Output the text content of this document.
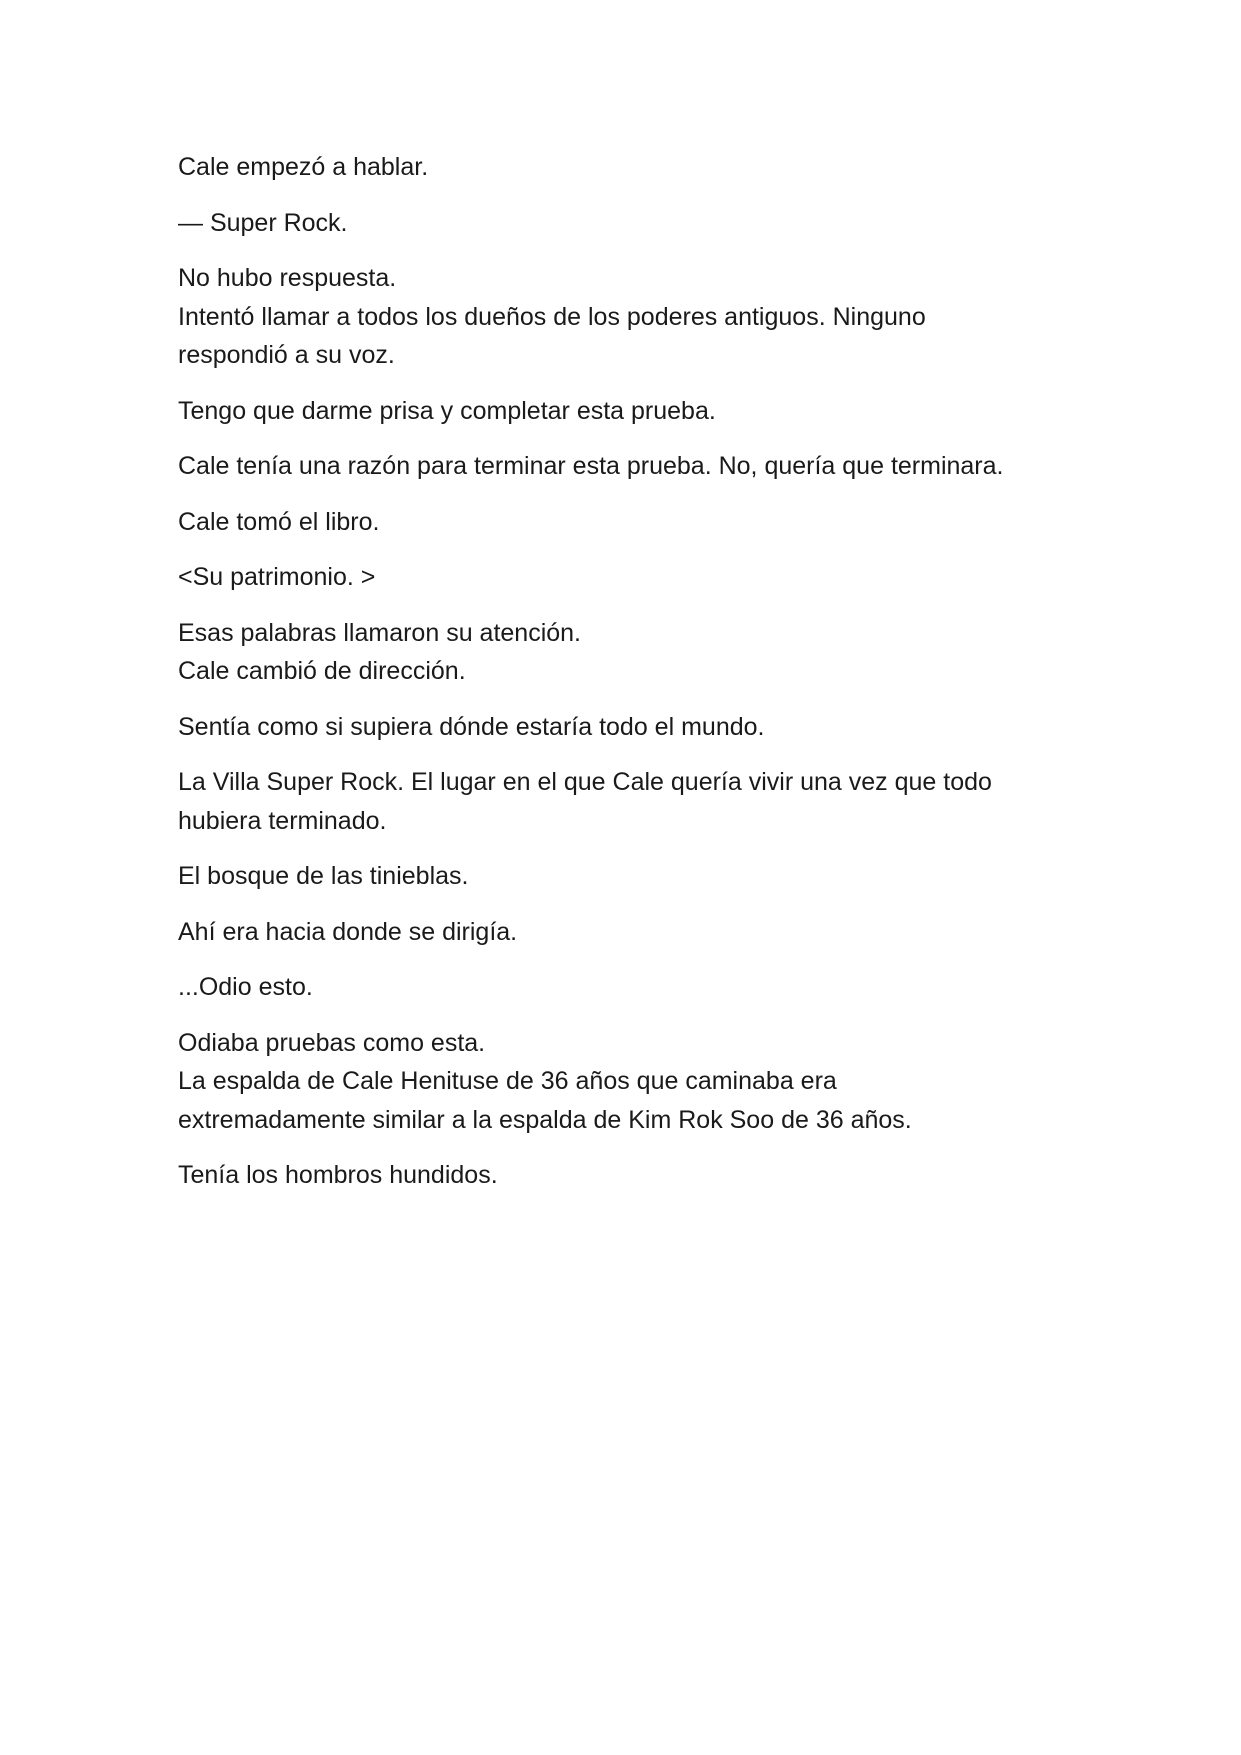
Cale empezó a hablar.

— Super Rock.

No hubo respuesta.
Intentó llamar a todos los dueños de los poderes antiguos. Ninguno
respondió a su voz.

Tengo que darme prisa y completar esta prueba.

Cale tenía una razón para terminar esta prueba. No, quería que terminara.

Cale tomó el libro.

<Su patrimonio. >

Esas palabras llamaron su atención.
Cale cambió de dirección.

Sentía como si supiera dónde estaría todo el mundo.

La Villa Super Rock. El lugar en el que Cale quería vivir una vez que todo
hubiera terminado.

El bosque de las tinieblas.

Ahí era hacia donde se dirigía.

...Odio esto.

Odiaba pruebas como esta.
La espalda de Cale Henituse de 36 años que caminaba era
extremadamente similar a la espalda de Kim Rok Soo de 36 años.

Tenía los hombros hundidos.
